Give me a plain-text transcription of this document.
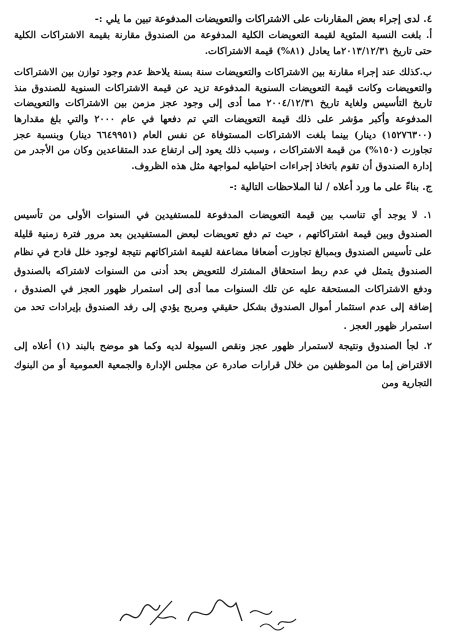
٤. لدى إجراء بعض المقارنات على الاشتراكات والتعويضات المدفوعة تبين ما يلي :-

أ. بلغت النسبة المئوية لقيمة التعويضات الكلية المدفوعة من الصندوق مقارنة بقيمة الاشتراكات الكلية حتى تاريخ ٢٠١٣/١٢/٣١ما يعادل (٨١%) قيمة الاشتراكات.

ب.كذلك عند إجراء مقارنة بين الاشتراكات والتعويضات سنة بسنة يلاحظ عدم وجود توازن بين الاشتراكات والتعويضات وكانت قيمة التعويضات السنوية المدفوعة تزيد عن قيمة الاشتراكات السنوية للصندوق منذ تاريخ التأسيس ولغاية تاريخ ٢٠٠٤/١٢/٣١ مما أدى إلى وجود عجز مزمن بين الاشتراكات والتعويضات المدفوعة وأكبر مؤشر على ذلك قيمة التعويضات التي تم دفعها في عام ٢٠٠٠ والتي بلغ مقدارها (١٥٢٧٦٣٠٠) دينار) بينما بلغت الاشتراكات المستوفاة عن نفس العام (٦٦٤٩٩٥١ دينار) وبنسبة عجز تجاوزت (١٥٠%) من قيمة الاشتراكات ، وسبب ذلك يعود إلى ارتفاع عدد المتقاعدين وكان من الأجدر من إدارة الصندوق أن تقوم باتخاذ إجراءات احتياطيه لمواجهة مثل هذه الظروف.

ج. بناءً على ما ورد أعلاه / لنا الملاحظات التالية :-

١. لا يوجد أي تناسب بين قيمة التعويضات المدفوعة للمستفيدين في السنوات الأولى من تأسيس الصندوق وبين قيمة اشتراكاتهم ، حيث تم دفع تعويضات لبعض المستفيدين بعد مرور فترة زمنية قليلة على تأسيس الصندوق وبمبالغ تجاوزت أضعافا مضاعفة لقيمة اشتراكاتهم نتيجة لوجود خلل فادح في نظام الصندوق يتمثل في عدم ربط استحقاق المشترك للتعويض بحد أدنى من السنوات لاشتراكه بالصندوق ودفع الاشتراكات المستحقة عليه عن تلك السنوات مما أدى إلى استمرار ظهور العجز في الصندوق ، إضافة إلى عدم استثمار أموال الصندوق بشكل حقيقي ومربح يؤدي إلى رفد الصندوق بإيرادات تحد من استمرار ظهور العجز .

٢. لجأ الصندوق ونتيجة لاستمرار ظهور عجز ونقص السيولة لديه وكما هو موضح بالبند (١) أعلاه إلى الاقتراض إما من الموظفين من خلال قرارات صادرة عن مجلس الإدارة والجمعية العمومية أو من البنوك التجارية ومن
